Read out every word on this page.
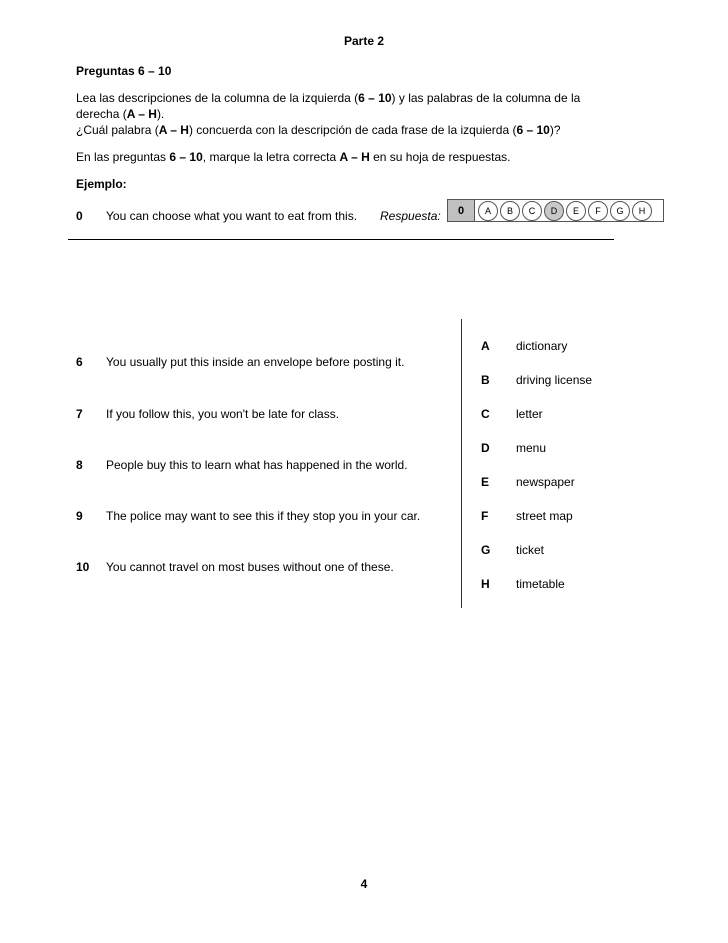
Parte 2
Preguntas 6 – 10
Lea las descripciones de la columna de la izquierda (6 – 10) y las palabras de la columna de la
derecha (A – H).
¿Cuál palabra (A – H) concuerda con la descripción de cada frase de la izquierda (6 – 10)?
En las preguntas 6 – 10, marque la letra correcta A – H en su hoja de respuestas.
Ejemplo:
0 You can choose what you want to eat from this. Respuesta:	0	A	B	C	D	E	F	G	H
6 You usually put this inside an envelope before posting it.
7 If you follow this, you won't be late for class.
8 People buy this to learn what has happened in the world.
9 The police may want to see this if they stop you in your car.
10 You cannot travel on most buses without one of these.
A dictionary
B driving license
C letter
D menu
E newspaper
F street map
G ticket
H timetable
4
